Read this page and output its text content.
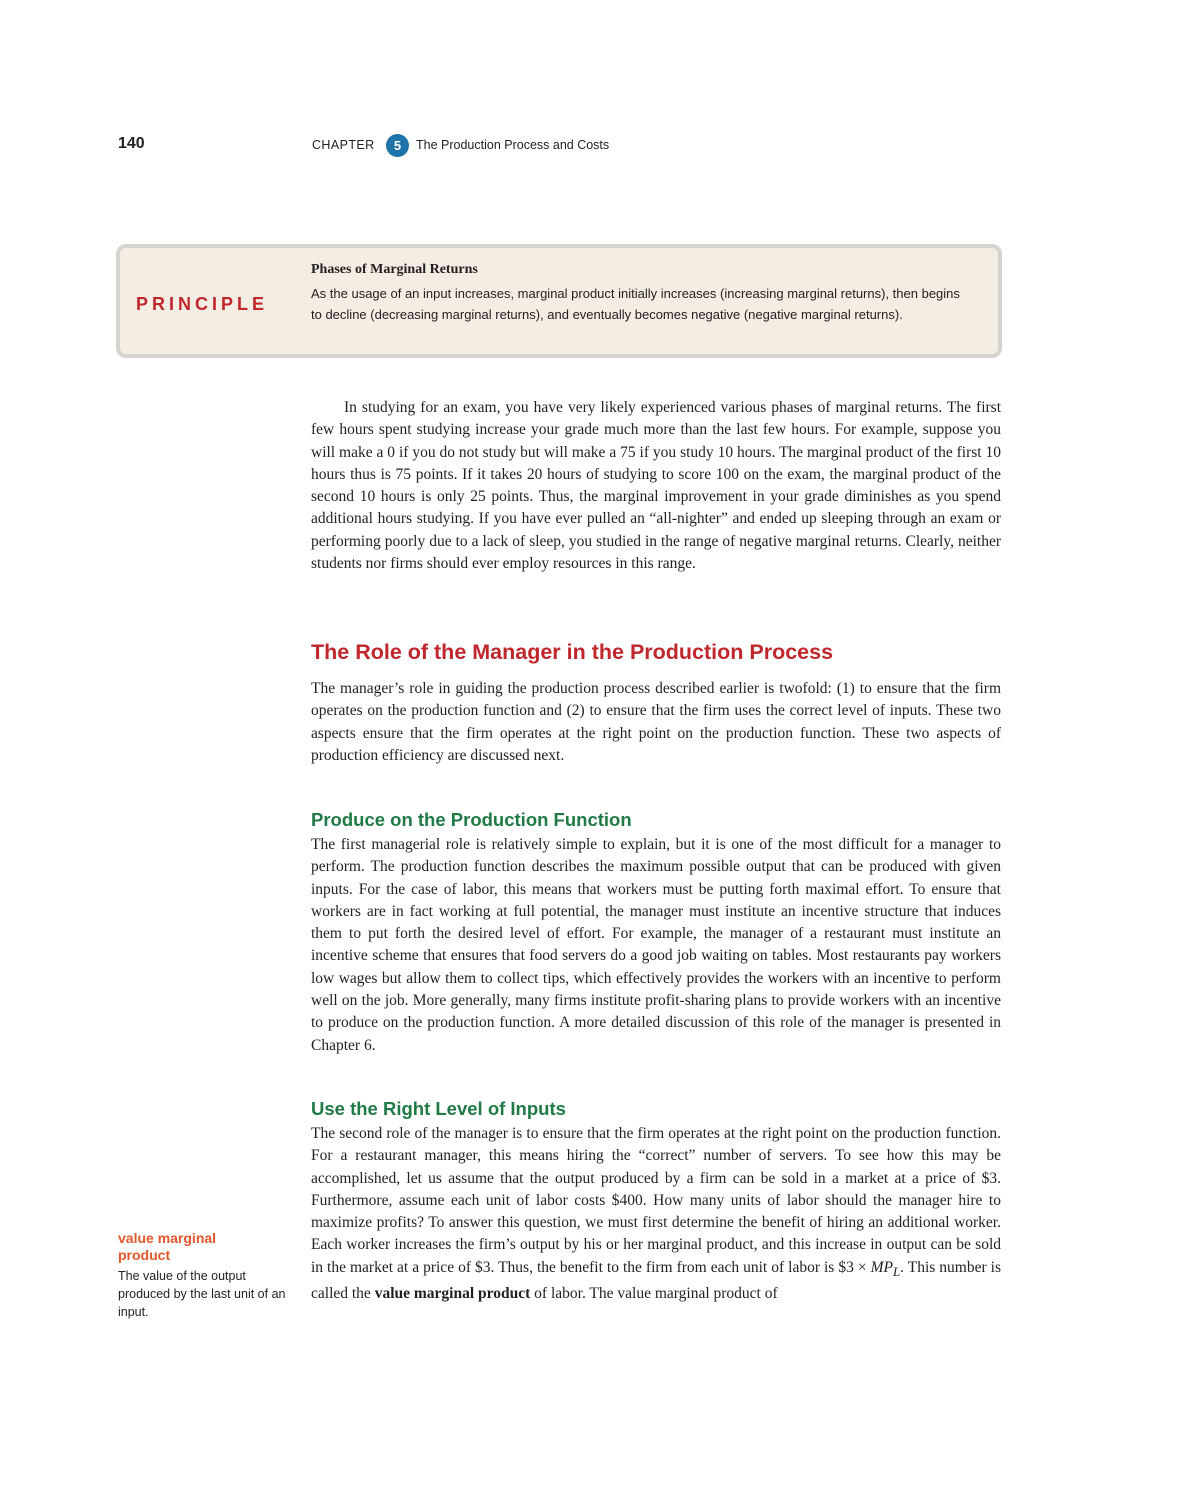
140	CHAPTER	5	The Production Process and Costs
PRINCIPLE
Phases of Marginal Returns
As the usage of an input increases, marginal product initially increases (increasing marginal returns), then begins to decline (decreasing marginal returns), and eventually becomes negative (negative marginal returns).

In studying for an exam, you have very likely experienced various phases of marginal returns. The first few hours spent studying increase your grade much more than the last few hours. For example, suppose you will make a 0 if you do not study but will make a 75 if you study 10 hours. The marginal product of the first 10 hours thus is 75 points. If it takes 20 hours of studying to score 100 on the exam, the marginal product of the second 10 hours is only 25 points. Thus, the marginal improvement in your grade diminishes as you spend additional hours studying. If you have ever pulled an “all-nighter” and ended up sleeping through an exam or performing poorly due to a lack of sleep, you studied in the range of negative marginal returns. Clearly, neither students nor firms should ever employ resources in this range.

The Role of the Manager in the Production Process

The manager’s role in guiding the production process described earlier is twofold: (1) to ensure that the firm operates on the production function and (2) to ensure that the firm uses the correct level of inputs. These two aspects ensure that the firm operates at the right point on the production function. These two aspects of production efficiency are discussed next.

Produce on the Production Function

The first managerial role is relatively simple to explain, but it is one of the most difficult for a manager to perform. The production function describes the maximum possible output that can be produced with given inputs. For the case of labor, this means that workers must be putting forth maximal effort. To ensure that workers are in fact working at full potential, the manager must institute an incentive structure that induces them to put forth the desired level of effort. For example, the manager of a restaurant must institute an incentive scheme that ensures that food servers do a good job waiting on tables. Most restaurants pay workers low wages but allow them to collect tips, which effectively provides the workers with an incentive to perform well on the job. More generally, many firms institute profit-sharing plans to provide workers with an incentive to produce on the production function. A more detailed discussion of this role of the manager is presented in Chapter 6.

Use the Right Level of Inputs

The second role of the manager is to ensure that the firm operates at the right point on the production function. For a restaurant manager, this means hiring the “correct” number of servers. To see how this may be accomplished, let us assume that the output produced by a firm can be sold in a market at a price of $3. Furthermore, assume each unit of labor costs $400. How many units of labor should the manager hire to maximize profits? To answer this question, we must first determine the benefit of hiring an additional worker. Each worker increases the firm’s output by his or her marginal product, and this increase in output can be sold in the market at a price of $3. Thus, the benefit to the firm from each unit of labor is $3 × $MP_L$. This number is called the value marginal product of labor. The value marginal product of

value marginal product
The value of the output produced by the last unit of an input.
